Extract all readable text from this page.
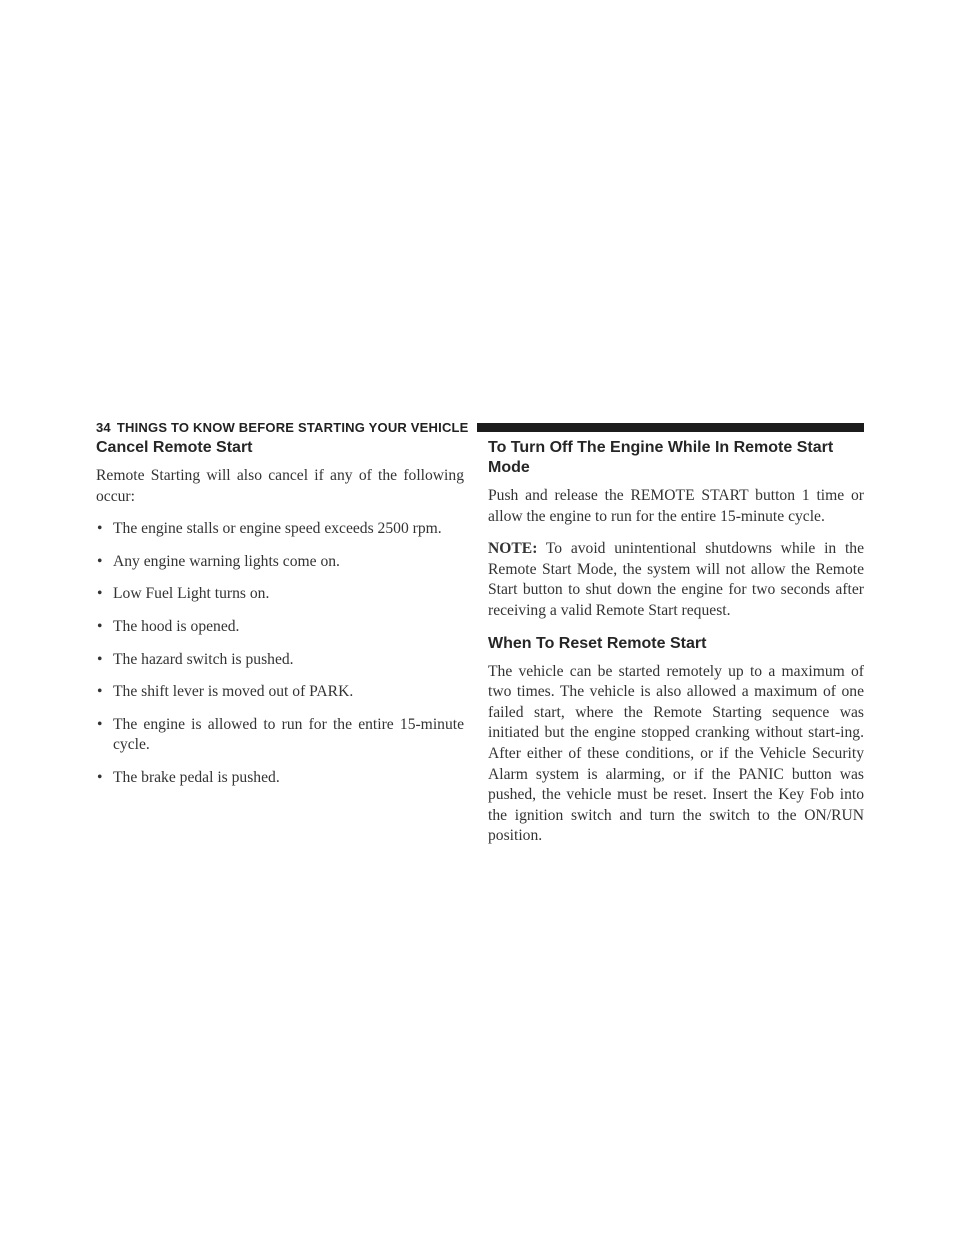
34 THINGS TO KNOW BEFORE STARTING YOUR VEHICLE
Cancel Remote Start

Remote Starting will also cancel if any of the following occur:

• The engine stalls or engine speed exceeds 2500 rpm.
• Any engine warning lights come on.
• Low Fuel Light turns on.
• The hood is opened.
• The hazard switch is pushed.
• The shift lever is moved out of PARK.
• The engine is allowed to run for the entire 15-minute cycle.
• The brake pedal is pushed.
To Turn Off The Engine While In Remote Start Mode

Push and release the REMOTE START button 1 time or allow the engine to run for the entire 15-minute cycle.

NOTE: To avoid unintentional shutdowns while in the Remote Start Mode, the system will not allow the Remote Start button to shut down the engine for two seconds after receiving a valid Remote Start request.

When To Reset Remote Start

The vehicle can be started remotely up to a maximum of two times. The vehicle is also allowed a maximum of one failed start, where the Remote Starting sequence was initiated but the engine stopped cranking without start-ing. After either of these conditions, or if the Vehicle Security Alarm system is alarming, or if the PANIC button was pushed, the vehicle must be reset. Insert the Key Fob into the ignition switch and turn the switch to the ON/RUN position.
